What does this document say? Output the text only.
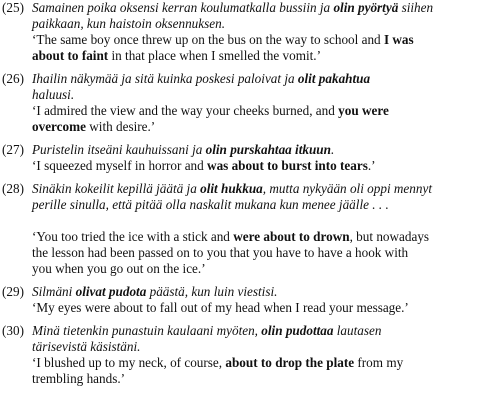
(25) Samainen poika oksensi kerran koulumatkalla bussiin ja olin pyörtyä siihen
paikkaan, kun haistoin oksennuksen.
‘The same boy once threw up on the bus on the way to school and I was
about to faint in that place when I smelled the vomit.’
(26) Ihailin näkymää ja sitä kuinka poskesi paloivat ja olit pakahtua
haluusi.
‘I admired the view and the way your cheeks burned, and you were
overcome with desire.’
(27) Puristelin itseäni kauhuissani ja olin purskahtaa itkuun.
‘I squeezed myself in horror and was about to burst into tears.’
(28) Sinäkin kokeilit kepillä jäätä ja olit hukkua, mutta nykyään oli oppi mennyt
perille sinulla, että pitää olla naskalit mukana kun menee jäälle . . .
‘You too tried the ice with a stick and were about to drown, but nowadays
the lesson had been passed on to you that you have to have a hook with
you when you go out on the ice.’
(29) Silmäni olivat pudota päästä, kun luin viestisi.
‘My eyes were about to fall out of my head when I read your message.’
(30) Minä tietenkin punastuin kaulaani myöten, olin pudottaa lautasen
tärisevistä käsistäni.
‘I blushed up to my neck, of course, about to drop the plate from my
trembling hands.’
